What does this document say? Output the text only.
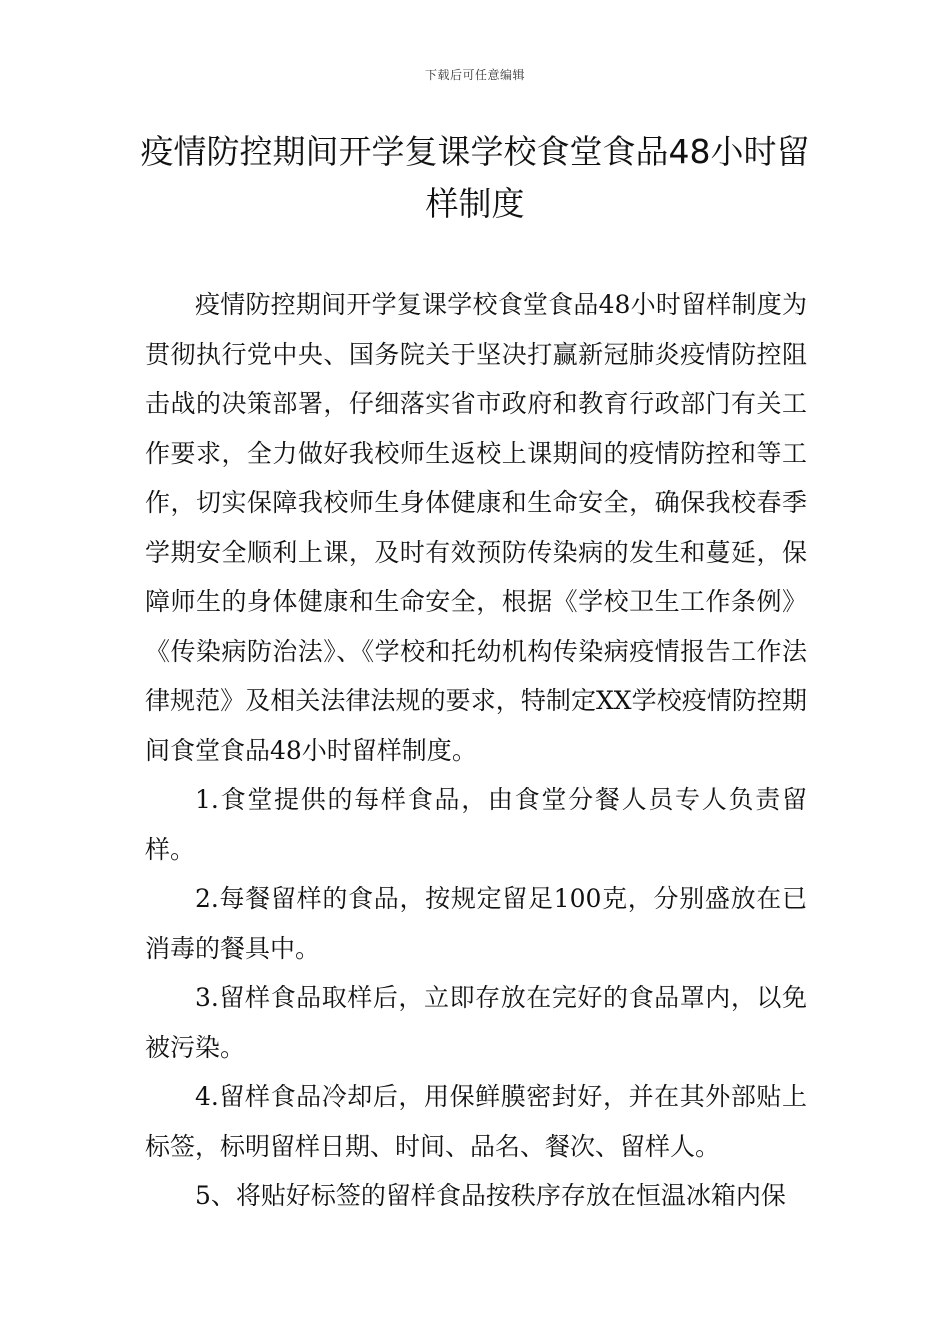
下载后可任意编辑
疫情防控期间开学复课学校食堂食品48小时留样制度

疫情防控期间开学复课学校食堂食品48小时留样制度为贯彻执行党中央、国务院关于坚决打赢新冠肺炎疫情防控阻击战的决策部署，仔细落实省市政府和教育行政部门有关工作要求，全力做好我校师生返校上课期间的疫情防控和等工作，切实保障我校师生身体健康和生命安全，确保我校春季学期安全顺利上课，及时有效预防传染病的发生和蔓延，保障师生的身体健康和生命安全，根据《学校卫生工作条例》《传染病防治法》、《学校和托幼机构传染病疫情报告工作法律规范》及相关法律法规的要求，特制定XX学校疫情防控期间食堂食品48小时留样制度。

1.食堂提供的每样食品，由食堂分餐人员专人负责留样。

2.每餐留样的食品，按规定留足100克，分别盛放在已消毒的餐具中。

3.留样食品取样后，立即存放在完好的食品罩内，以免被污染。

4.留样食品冷却后，用保鲜膜密封好，并在其外部贴上标签，标明留样日期、时间、品名、餐次、留样人。

5、将贴好标签的留样食品按秩序存放在恒温冰箱内保
